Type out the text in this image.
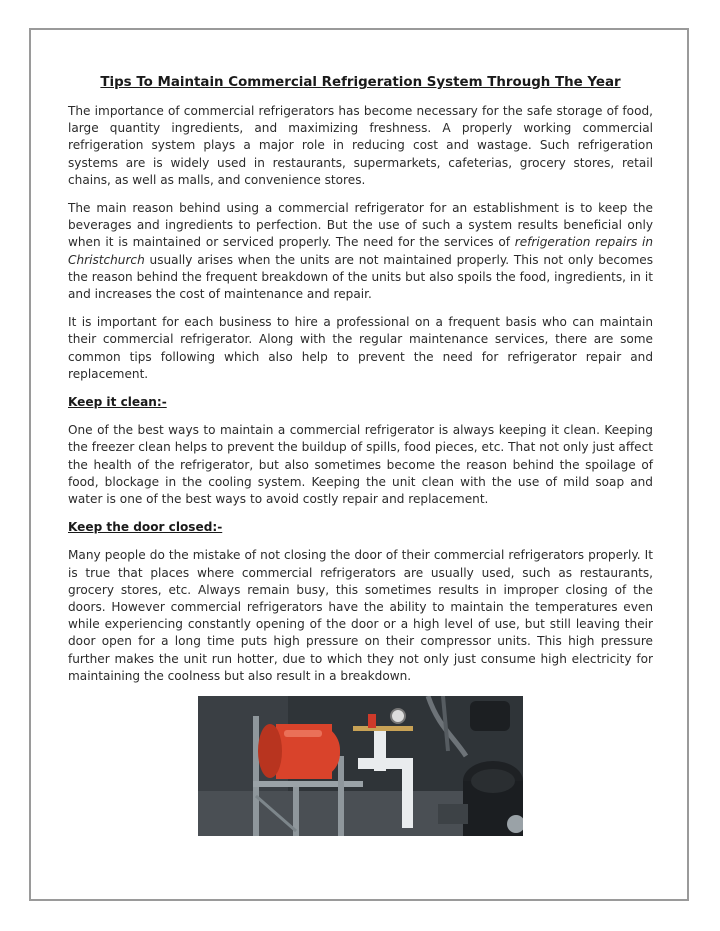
Tips To Maintain Commercial Refrigeration System Through The Year

The importance of commercial refrigerators has become necessary for the safe storage of food, large quantity ingredients, and maximizing freshness. A properly working commercial refrigeration system plays a major role in reducing cost and wastage. Such refrigeration systems are is widely used in restaurants, supermarkets, cafeterias, grocery stores, retail chains, as well as malls, and convenience stores.

The main reason behind using a commercial refrigerator for an establishment is to keep the beverages and ingredients to perfection. But the use of such a system results beneficial only when it is maintained or serviced properly. The need for the services of refrigeration repairs in Christchurch usually arises when the units are not maintained properly. This not only becomes the reason behind the frequent breakdown of the units but also spoils the food, ingredients, in it and increases the cost of maintenance and repair.

It is important for each business to hire a professional on a frequent basis who can maintain their commercial refrigerator. Along with the regular maintenance services, there are some common tips following which also help to prevent the need for refrigerator repair and replacement.

Keep it clean:-

One of the best ways to maintain a commercial refrigerator is always keeping it clean. Keeping the freezer clean helps to prevent the buildup of spills, food pieces, etc. That not only just affect the health of the refrigerator, but also sometimes become the reason behind the spoilage of food, blockage in the cooling system. Keeping the unit clean with the use of mild soap and water is one of the best ways to avoid costly repair and replacement.

Keep the door closed:-

Many people do the mistake of not closing the door of their commercial refrigerators properly. It is true that places where commercial refrigerators are usually used, such as restaurants, grocery stores, etc. Always remain busy, this sometimes results in improper closing of the doors. However commercial refrigerators have the ability to maintain the temperatures even while experiencing constantly opening of the door or a high level of use, but still leaving their door open for a long time puts high pressure on their compressor units. This high pressure further makes the unit run hotter, due to which they not only just consume high electricity for maintaining the coolness but also result in a breakdown.
